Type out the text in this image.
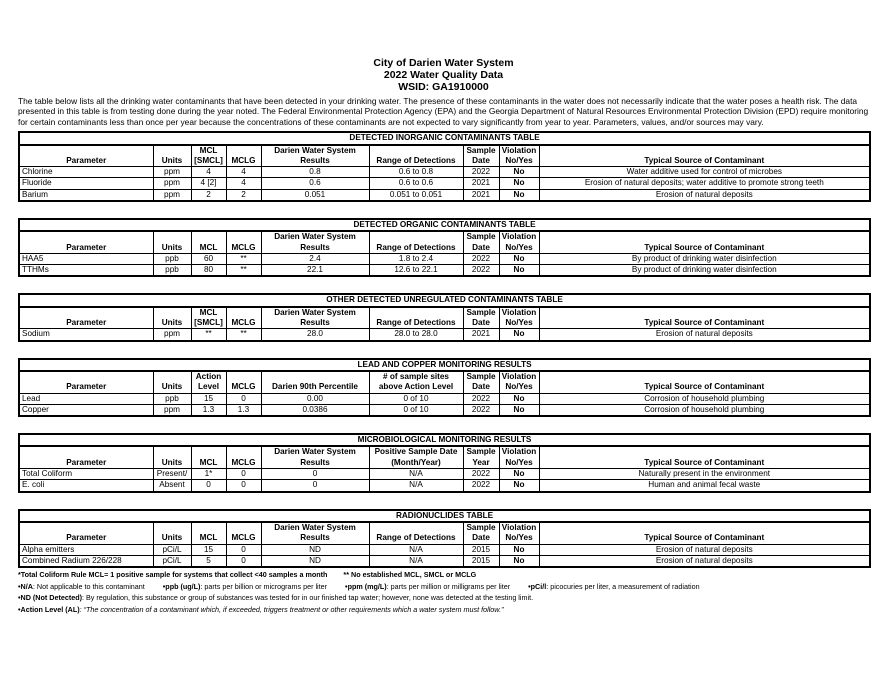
City of Darien Water System
2022 Water Quality Data
WSID: GA1910000

The table below lists all the drinking water contaminants that have been detected in your drinking water. The presence of these contaminants in the water does not necessarily indicate that the water poses a health risk. The data presented in this table is from testing done during the year noted. The Federal Environmental Protection Agency (EPA) and the Georgia Department of Natural Resources Environmental Protection Division (EPD) require monitoring for certain contaminants less than once per year because the concentrations of these contaminants are not expected to vary significantly from year to year. Parameters, values, and/or sources may vary.

DETECTED INORGANIC CONTAMINANTS TABLE								
Parameter	Units	MCL [SMCL]	MCLG	Darien Water System Results	Range of Detections	Sample Date	Violation No/Yes	Typical Source of Contaminant
Chlorine	ppm	4	4	0.8	0.6 to 0.8	2022	No	Water additive used for control of microbes
Fluoride	ppm	4 [2]	4	0.6	0.6 to 0.6	2021	No	Erosion of natural deposits; water additive to promote strong teeth
Barium	ppm	2	2	0.051	0.051 to 0.051	2021	No	Erosion of natural deposits
DETECTED ORGANIC CONTAMINANTS TABLE								
Parameter	Units	MCL	MCLG	Darien Water System Results	Range of Detections	Sample Date	Violation No/Yes	Typical Source of Contaminant
HAA5	ppb	60	**	2.4	1.8 to 2.4	2022	No	By product of drinking water disinfection
TTHMs	ppb	80	**	22.1	12.6 to 22.1	2022	No	By product of drinking water disinfection
OTHER DETECTED UNREGULATED CONTAMINANTS TABLE								
Parameter	Units	MCL [SMCL]	MCLG	Darien Water System Results	Range of Detections	Sample Date	Violation No/Yes	Typical Source of Contaminant
Sodium	ppm	**	**	28.0	28.0 to 28.0	2021	No	Erosion of natural deposits
LEAD AND COPPER MONITORING RESULTS								
Parameter	Units	Action Level	MCLG	Darien 90th Percentile	# of sample sites above Action Level	Sample Date	Violation No/Yes	Typical Source of Contaminant
Lead	ppb	15	0	0.00	0 of 10	2022	No	Corrosion of household plumbing
Copper	ppm	1.3	1.3	0.0386	0 of 10	2022	No	Corrosion of household plumbing
MICROBIOLOGICAL MONITORING RESULTS								
Parameter	Units	MCL	MCLG	Darien Water System Results	Positive Sample Date (Month/Year)	Sample Year	Violation No/Yes	Typical Source of Contaminant
Total Coliform	Present/	1*	0	0	N/A	2022	No	Naturally present in the environment
E. coli	Absent	0	0	0	N/A	2022	No	Human and animal fecal waste
RADIONUCLIDES TABLE								
Parameter	Units	MCL	MCLG	Darien Water System Results	Range of Detections	Sample Date	Violation No/Yes	Typical Source of Contaminant
Alpha emitters	pCi/L	15	0	ND	N/A	2015	No	Erosion of natural deposits
Combined Radium 226/228	pCi/L	5	0	ND	N/A	2015	No	Erosion of natural deposits
*Total Coliform Rule MCL= 1 positive sample for systems that collect <40 samples a month ** No established MCL, SMCL or MCLG
•N/A: Not applicable to this contaminant	•ppb (ug/L): parts per billion or micrograms per liter	•ppm (mg/L): parts per million or milligrams per liter	•pCi/l: picocuries per liter, a measurement of radiation
•ND (Not Detected): By regulation, this substance or group of substances was tested for in our finished tap water; however, none was detected at the testing limit.
•Action Level (AL): “The concentration of a contaminant which, if exceeded, triggers treatment or other requirements which a water system must follow.”
